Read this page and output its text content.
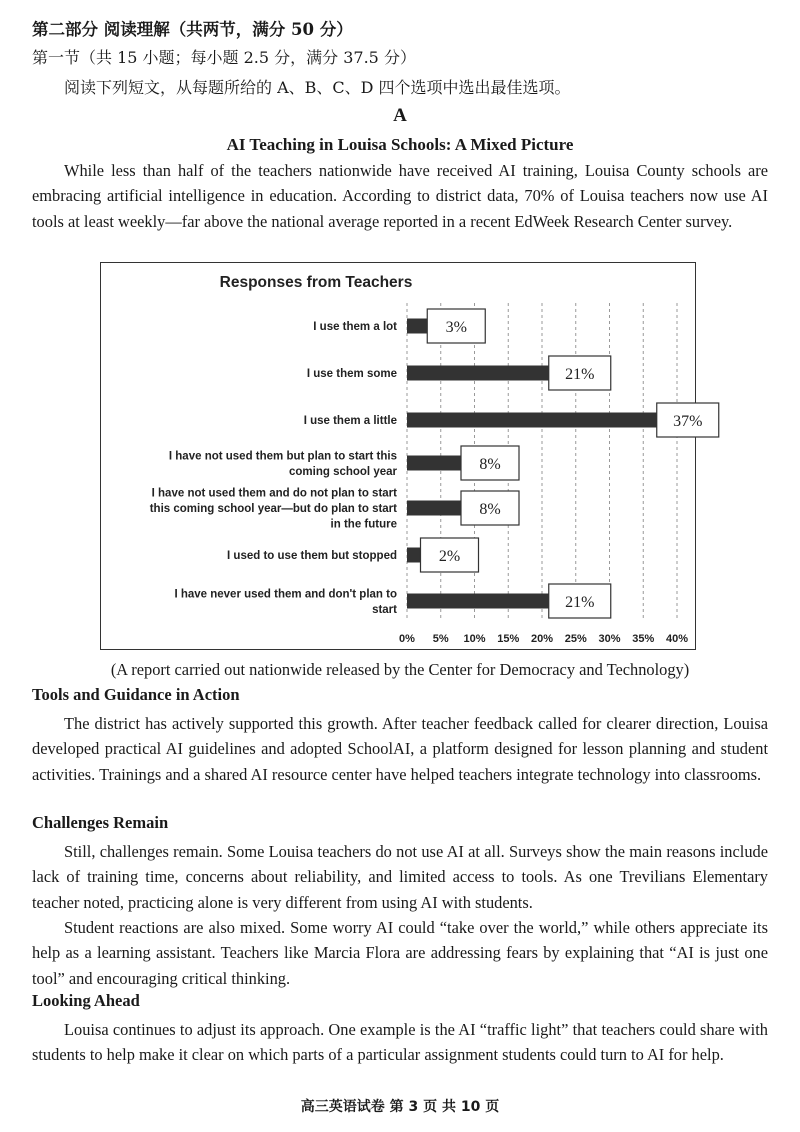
第二部分 阅读理解（共两节，满分 50 分）
第一节（共 15 小题；每小题 2.5 分，满分 37.5 分）
阅读下列短文，从每题所给的 A、B、C、D 四个选项中选出最佳选项。
A
AI Teaching in Louisa Schools: A Mixed Picture

While less than half of the teachers nationwide have received AI training, Louisa County schools are embracing artificial intelligence in education. According to district data, 70% of Louisa teachers now use AI tools at least weekly—far above the national average reported in a recent EdWeek Research Center survey.

Responses from Teachers
0% 5% 10% 15% 20% 25% 30% 35% 40%
I use them a lot	3%
I use them some	21%
I use them a little	37%
I have not used them but plan to start this
coming school year	8%
I have not used them and do not plan to start
this coming school year—but do plan to start
in the future
8%
I used to use them but stopped	2%
I have never used them and don't plan to
start	21%
(A report carried out nationwide released by the Center for Democracy and Technology)
Tools and Guidance in Action

The district has actively supported this growth. After teacher feedback called for clearer direction, Louisa developed practical AI guidelines and adopted SchoolAI, a platform designed for lesson planning and student activities. Trainings and a shared AI resource center have helped teachers integrate technology into classrooms.

Challenges Remain

Still, challenges remain. Some Louisa teachers do not use AI at all. Surveys show the main reasons include lack of training time, concerns about reliability, and limited access to tools. As one Trevilians Elementary teacher noted, practicing alone is very different from using AI with students.

Student reactions are also mixed. Some worry AI could “take over the world,” while others appreciate its help as a learning assistant. Teachers like Marcia Flora are addressing fears by explaining that “AI is just one tool” and encouraging critical thinking.

Looking Ahead

Louisa continues to adjust its approach. One example is the AI “traffic light” that teachers could share with students to help make it clear on which parts of a particular assignment students could turn to AI for help.

高三英语试卷 第 3 页 共 10 页
